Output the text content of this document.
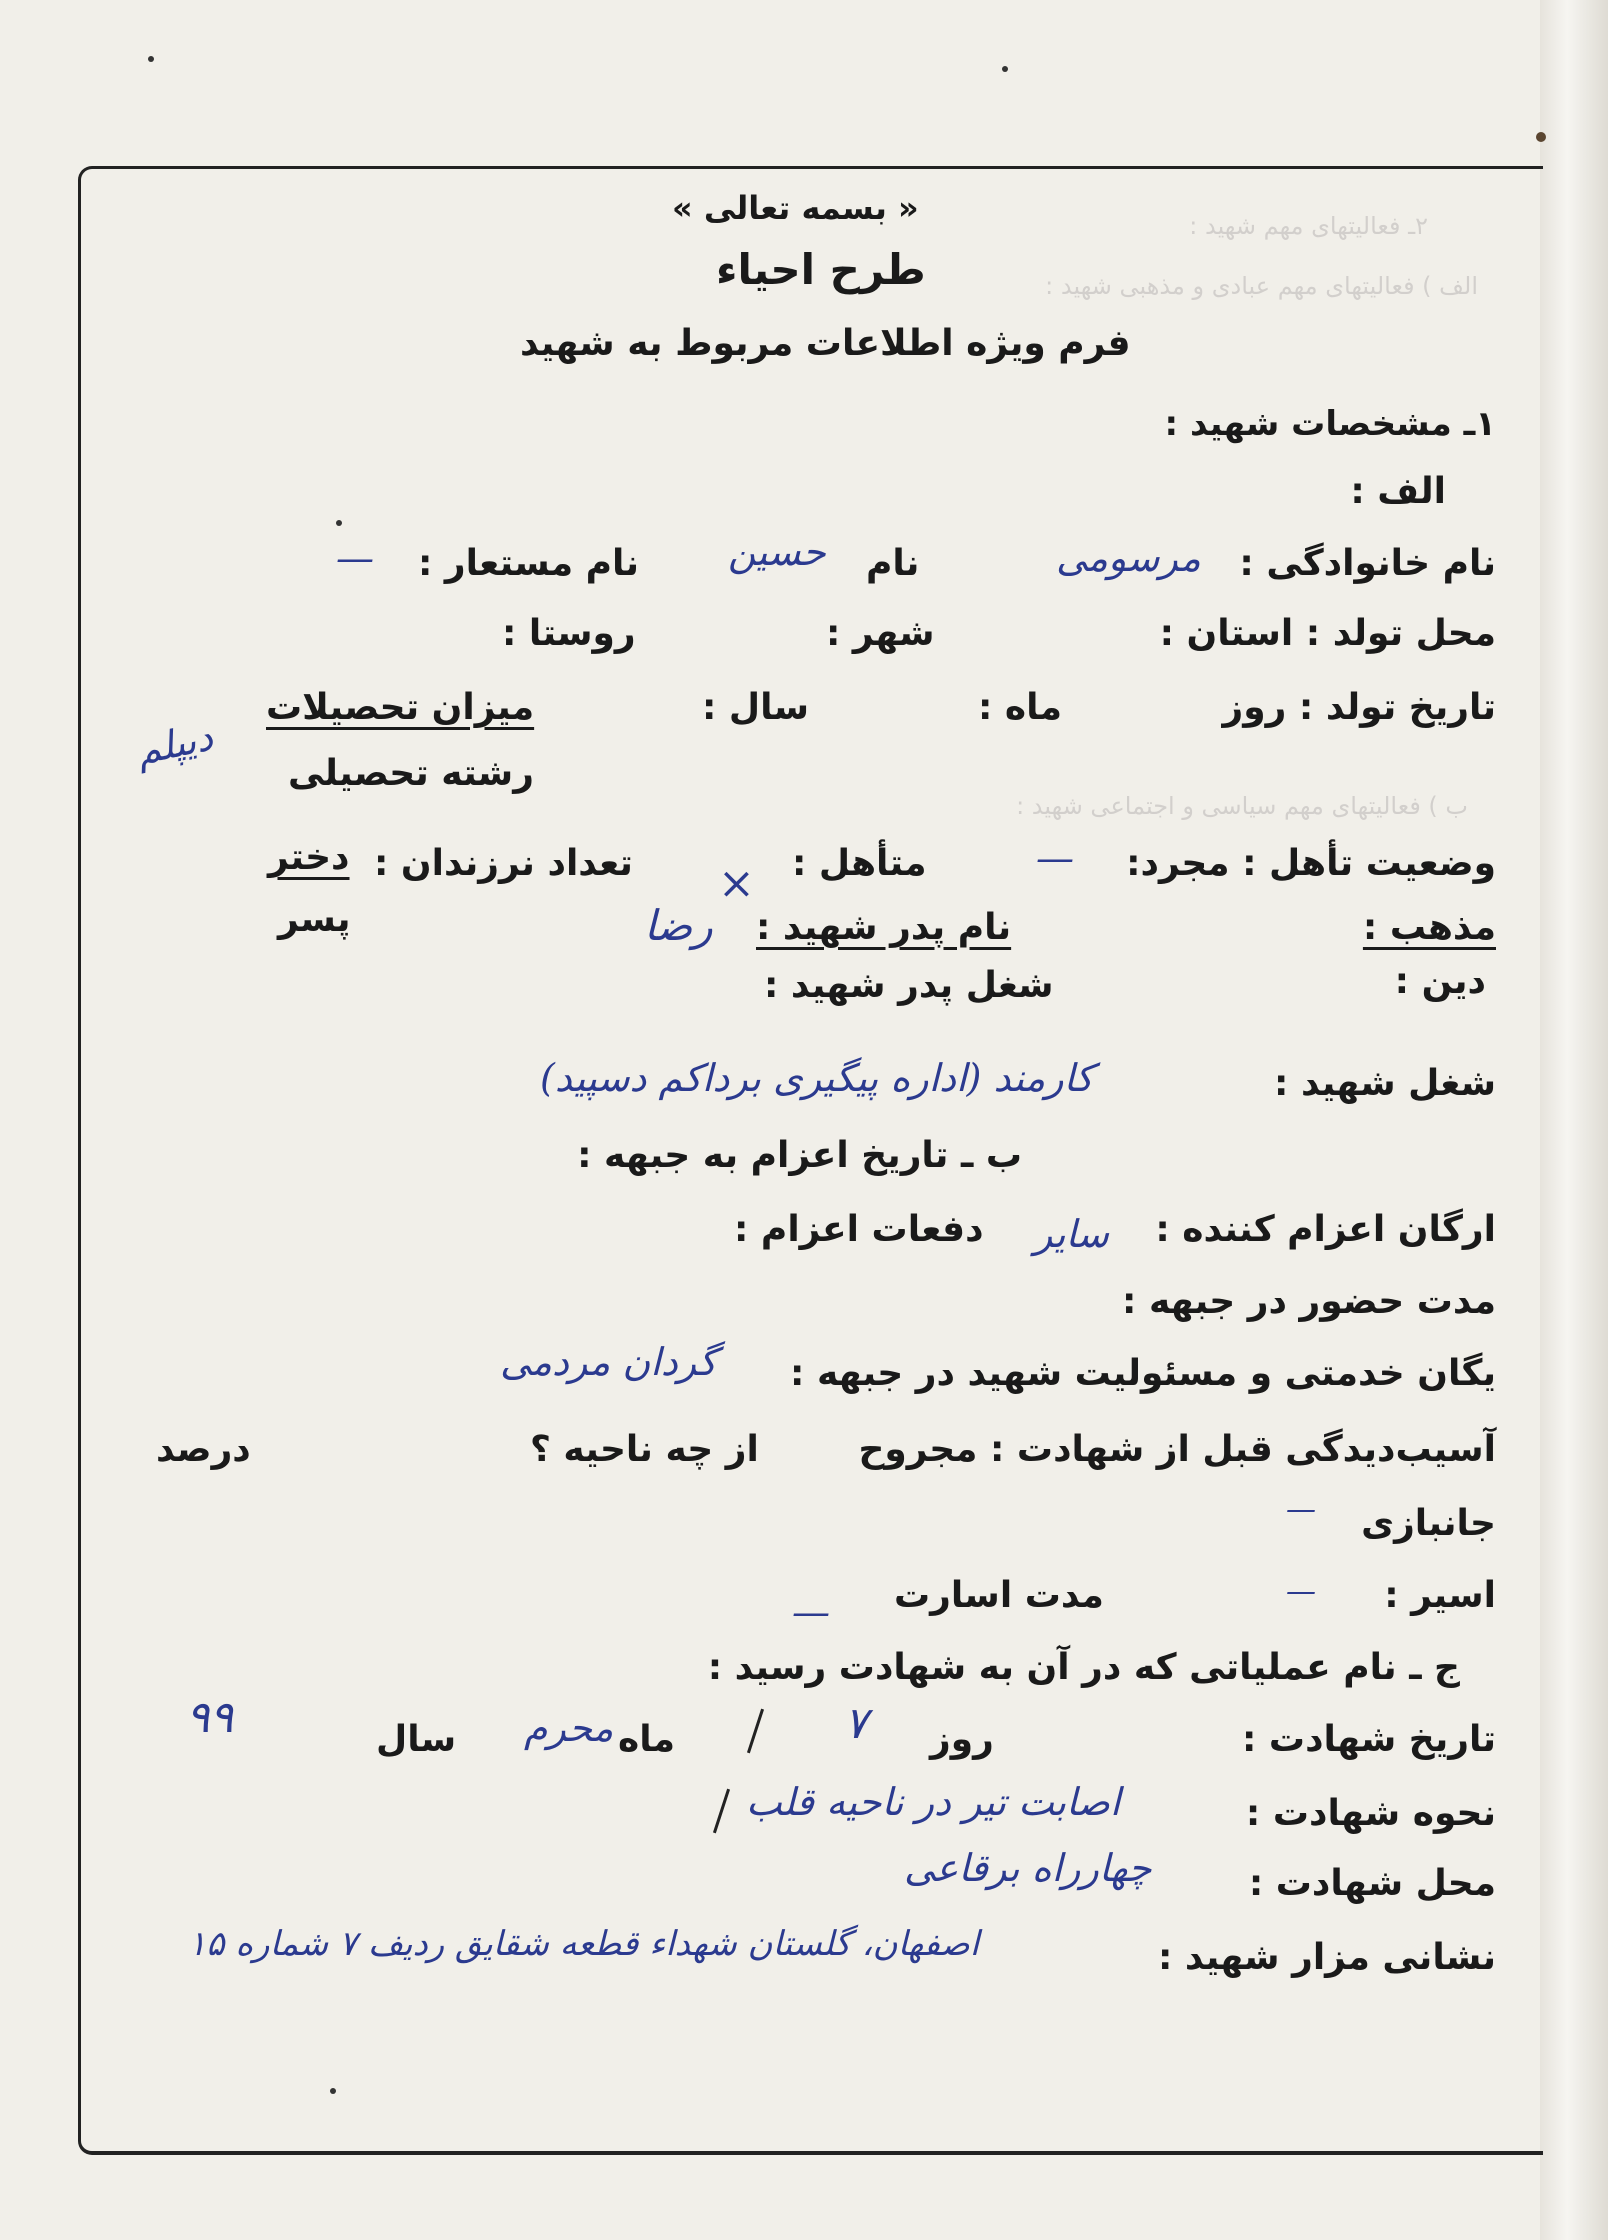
۲ـ فعالیتهای مهم شهید :
الف ) فعالیتهای مهم عبادی و مذهبی شهید :
ب ) فعالیتهای مهم سیاسی و اجتماعی شهید :
« بسمه تعالی »
طرح احیاء
فرم ویژه اطلاعات مربوط به شهید
۱ـ مشخصات شهید :
الف :
نام خانوادگی :
مرسومی
نام
حسین
نام مستعار :
—
محل تولد : استان :
شهر :
روستا :
تاریخ تولد : روز
ماه :
سال :
میزان تحصیلات
دیپلم رشته تحصیلی
وضعیت تأهل : مجرد:
—
متأهل :
×
تعداد نرزندان :
دختر
پسر	مذهب :
نام پدر شهید :
رضا
دین :
شغل پدر شهید :
شغل شهید :
کارمند (اداره پیگیری برداکم دسپید)
ب ـ تاریخ اعزام به جبهه :
ارگان اعزام کننده :
سایر
دفعات اعزام :
مدت حضور در جبهه :
یگان خدمتی و مسئولیت شهید در جبهه :
گردان مردمی
آسیب‌دیدگی قبل از شهادت : مجروح
از چه ناحیه ؟
درصد
جانبازی
—
اسیر :
—
مدت اسارت
—
ج ـ نام عملیاتی که در آن به شهادت رسید :
تاریخ شهادت :
۷ روز
محرم ماه
سال
۹۹
نحوه شهادت :
اصابت تیر در ناحیه قلب
محل شهادت :
چهارراه برقاعی
نشانی مزار شهید :
اصفهان، گلستان شهداء قطعه شقایق ردیف ۷ شماره ۱۵
